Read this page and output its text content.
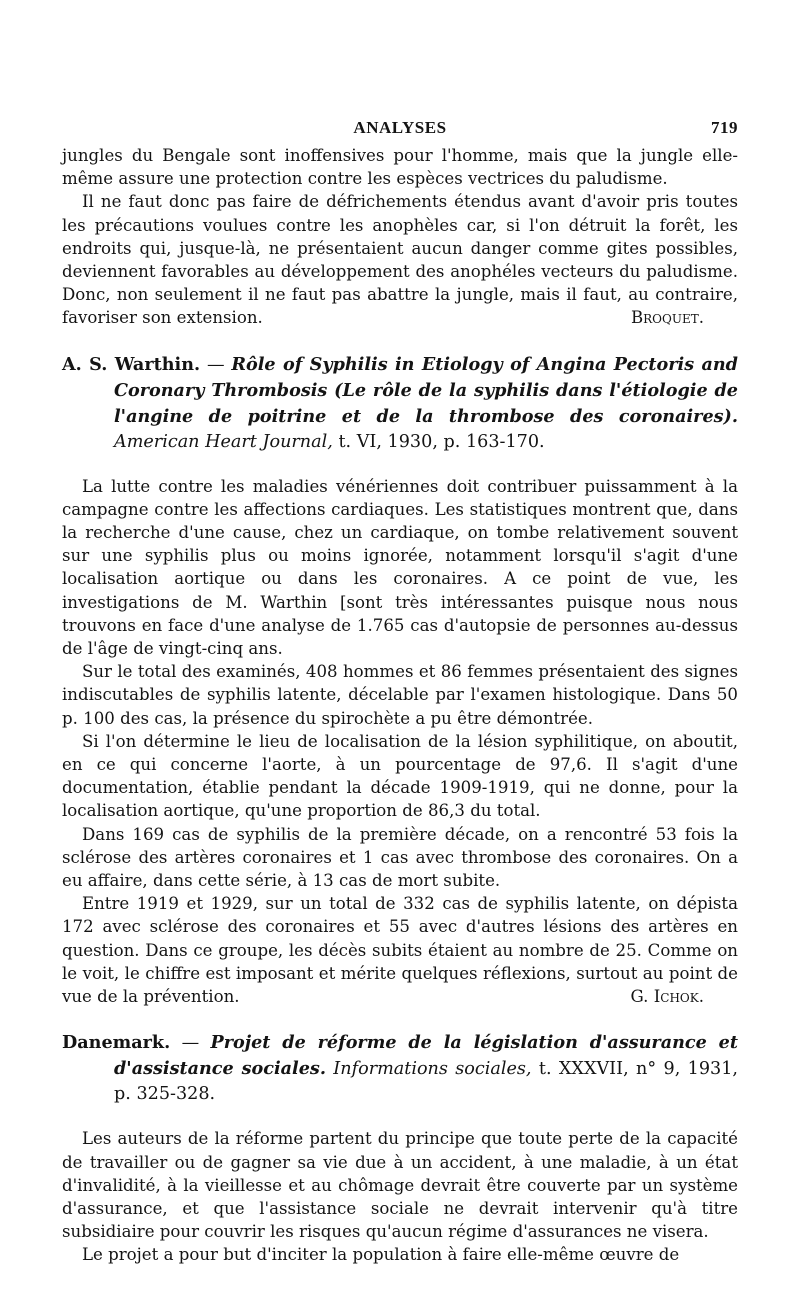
ANALYSES	719

jungles du Bengale sont inoffensives pour l'homme, mais que la jungle elle-même assure une protection contre les espèces vectrices du paludisme.

Il ne faut donc pas faire de défrichements étendus avant d'avoir pris toutes les précautions voulues contre les anophèles car, si l'on détruit la forêt, les endroits qui, jusque-là, ne présentaient aucun danger comme gites possibles, deviennent favorables au développement des anophéles vecteurs du paludisme. Donc, non seulement il ne faut pas abattre la jungle, mais il faut, au contraire, favoriser son extension.	Broquet.

A. S. Warthin. — Rôle of Syphilis in Etiology of Angina Pectoris and Coronary Thrombosis (Le rôle de la syphilis dans l'étiologie de l'angine de poitrine et de la thrombose des coronaires). American Heart Journal, t. VI, 1930, p. 163-170.

La lutte contre les maladies vénériennes doit contribuer puissamment à la campagne contre les affections cardiaques. Les statistiques montrent que, dans la recherche d'une cause, chez un cardiaque, on tombe relativement souvent sur une syphilis plus ou moins ignorée, notamment lorsqu'il s'agit d'une localisation aortique ou dans les coronaires. A ce point de vue, les investigations de M. Warthin [sont très intéressantes puisque nous nous trouvons en face d'une analyse de 1.765 cas d'autopsie de personnes au-dessus de l'âge de vingt-cinq ans.

Sur le total des examinés, 408 hommes et 86 femmes présentaient des signes indiscutables de syphilis latente, décelable par l'examen histologique. Dans 50 p. 100 des cas, la présence du spirochète a pu être démontrée.

Si l'on détermine le lieu de localisation de la lésion syphilitique, on aboutit, en ce qui concerne l'aorte, à un pourcentage de 97,6. Il s'agit d'une documentation, établie pendant la décade 1909-1919, qui ne donne, pour la localisation aortique, qu'une proportion de 86,3 du total.

Dans 169 cas de syphilis de la première décade, on a rencontré 53 fois la sclérose des artères coronaires et 1 cas avec thrombose des coronaires. On a eu affaire, dans cette série, à 13 cas de mort subite.

Entre 1919 et 1929, sur un total de 332 cas de syphilis latente, on dépista 172 avec sclérose des coronaires et 55 avec d'autres lésions des artères en question. Dans ce groupe, les décès subits étaient au nombre de 25. Comme on le voit, le chiffre est imposant et mérite quelques réflexions, surtout au point de vue de la prévention.	G. Ichok.

Danemark. — Projet de réforme de la législation d'assurance et d'assistance sociales. Informations sociales, t. XXXVII, n° 9, 1931, p. 325-328.

Les auteurs de la réforme partent du principe que toute perte de la capacité de travailler ou de gagner sa vie due à un accident, à une maladie, à un état d'invalidité, à la vieillesse et au chômage devrait être couverte par un système d'assurance, et que l'assistance sociale ne devrait intervenir qu'à titre subsidiaire pour couvrir les risques qu'aucun régime d'assurances ne visera.

Le projet a pour but d'inciter la population à faire elle-même œuvre de
